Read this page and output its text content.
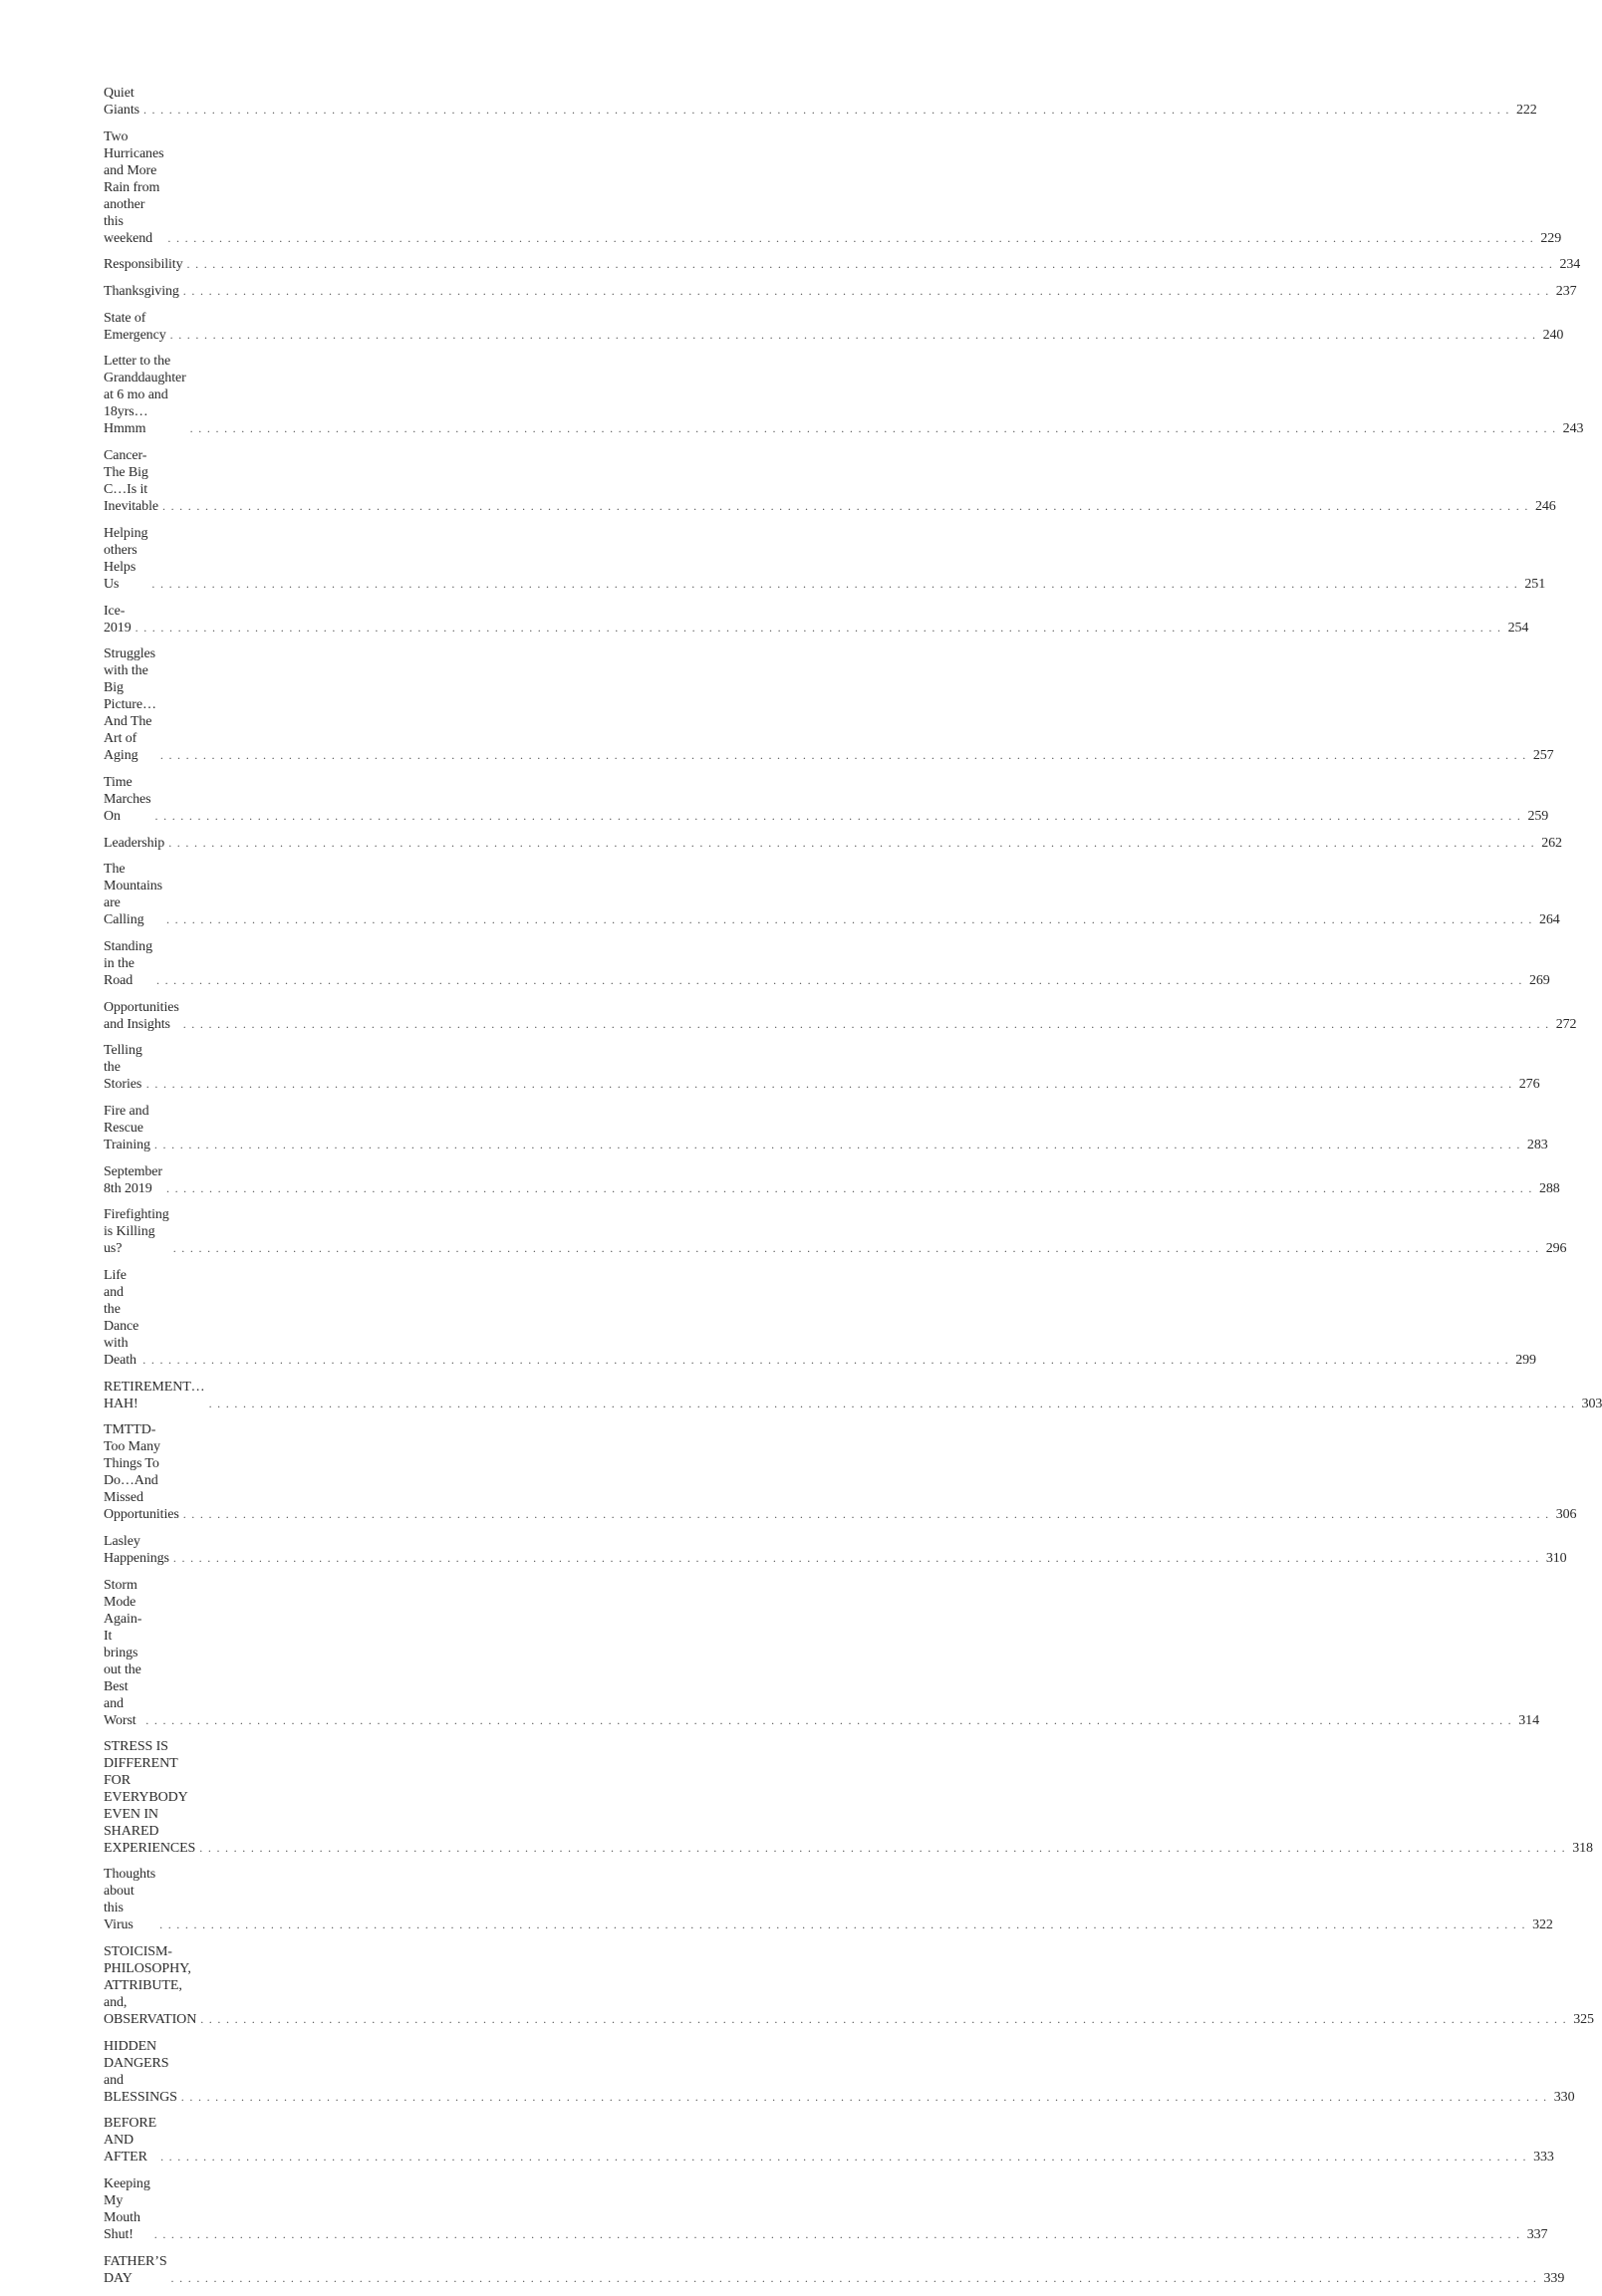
Quiet Giants ................................................................................................................................................................ 222
Two Hurricanes and More Rain from another this weekend	................................................................................................................................................................ 229
Responsibility ................................................................................................................................................................ 234
Thanksgiving ................................................................................................................................................................ 237
State of Emergency ................................................................................................................................................................ 240
Letter to the Granddaughter at 6 mo and 18yrs… Hmmm	................................................................................................................................................................ 243
Cancer- The Big C…Is it Inevitable ................................................................................................................................................................ 246
Helping others Helps Us	................................................................................................................................................................ 251
Ice-2019 ................................................................................................................................................................ 254
Struggles with the Big Picture… And The Art of Aging	................................................................................................................................................................ 257
Time Marches On	................................................................................................................................................................ 259
Leadership ................................................................................................................................................................ 262
The Mountains are Calling	................................................................................................................................................................ 264
Standing in the Road	................................................................................................................................................................ 269
Opportunities and Insights	................................................................................................................................................................ 272
Telling the Stories ................................................................................................................................................................ 276
Fire and Rescue Training ................................................................................................................................................................ 283
September 8th 2019	................................................................................................................................................................ 288
Firefighting is Killing us?	................................................................................................................................................................ 296
Life and the Dance with Death ................................................................................................................................................................ 299
RETIREMENT…HAH!	................................................................................................................................................................ 303
TMTTD- Too Many Things To Do…And Missed Opportunities ................................................................................................................................................................ 306
Lasley Happenings ................................................................................................................................................................ 310
Storm Mode Again- It brings out the Best and Worst ................................................................................................................................................................ 314
STRESS IS DIFFERENT FOR EVERYBODY EVEN IN SHARED EXPERIENCES ................................................................................................................................................................ 318
Thoughts about this Virus	................................................................................................................................................................ 322
STOICISM-PHILOSOPHY, ATTRIBUTE, and, OBSERVATION ................................................................................................................................................................ 325
HIDDEN DANGERS and BLESSINGS ................................................................................................................................................................ 330
BEFORE AND AFTER	................................................................................................................................................................ 333
Keeping My Mouth Shut!	................................................................................................................................................................ 337
FATHER’S DAY	................................................................................................................................................................ 339
